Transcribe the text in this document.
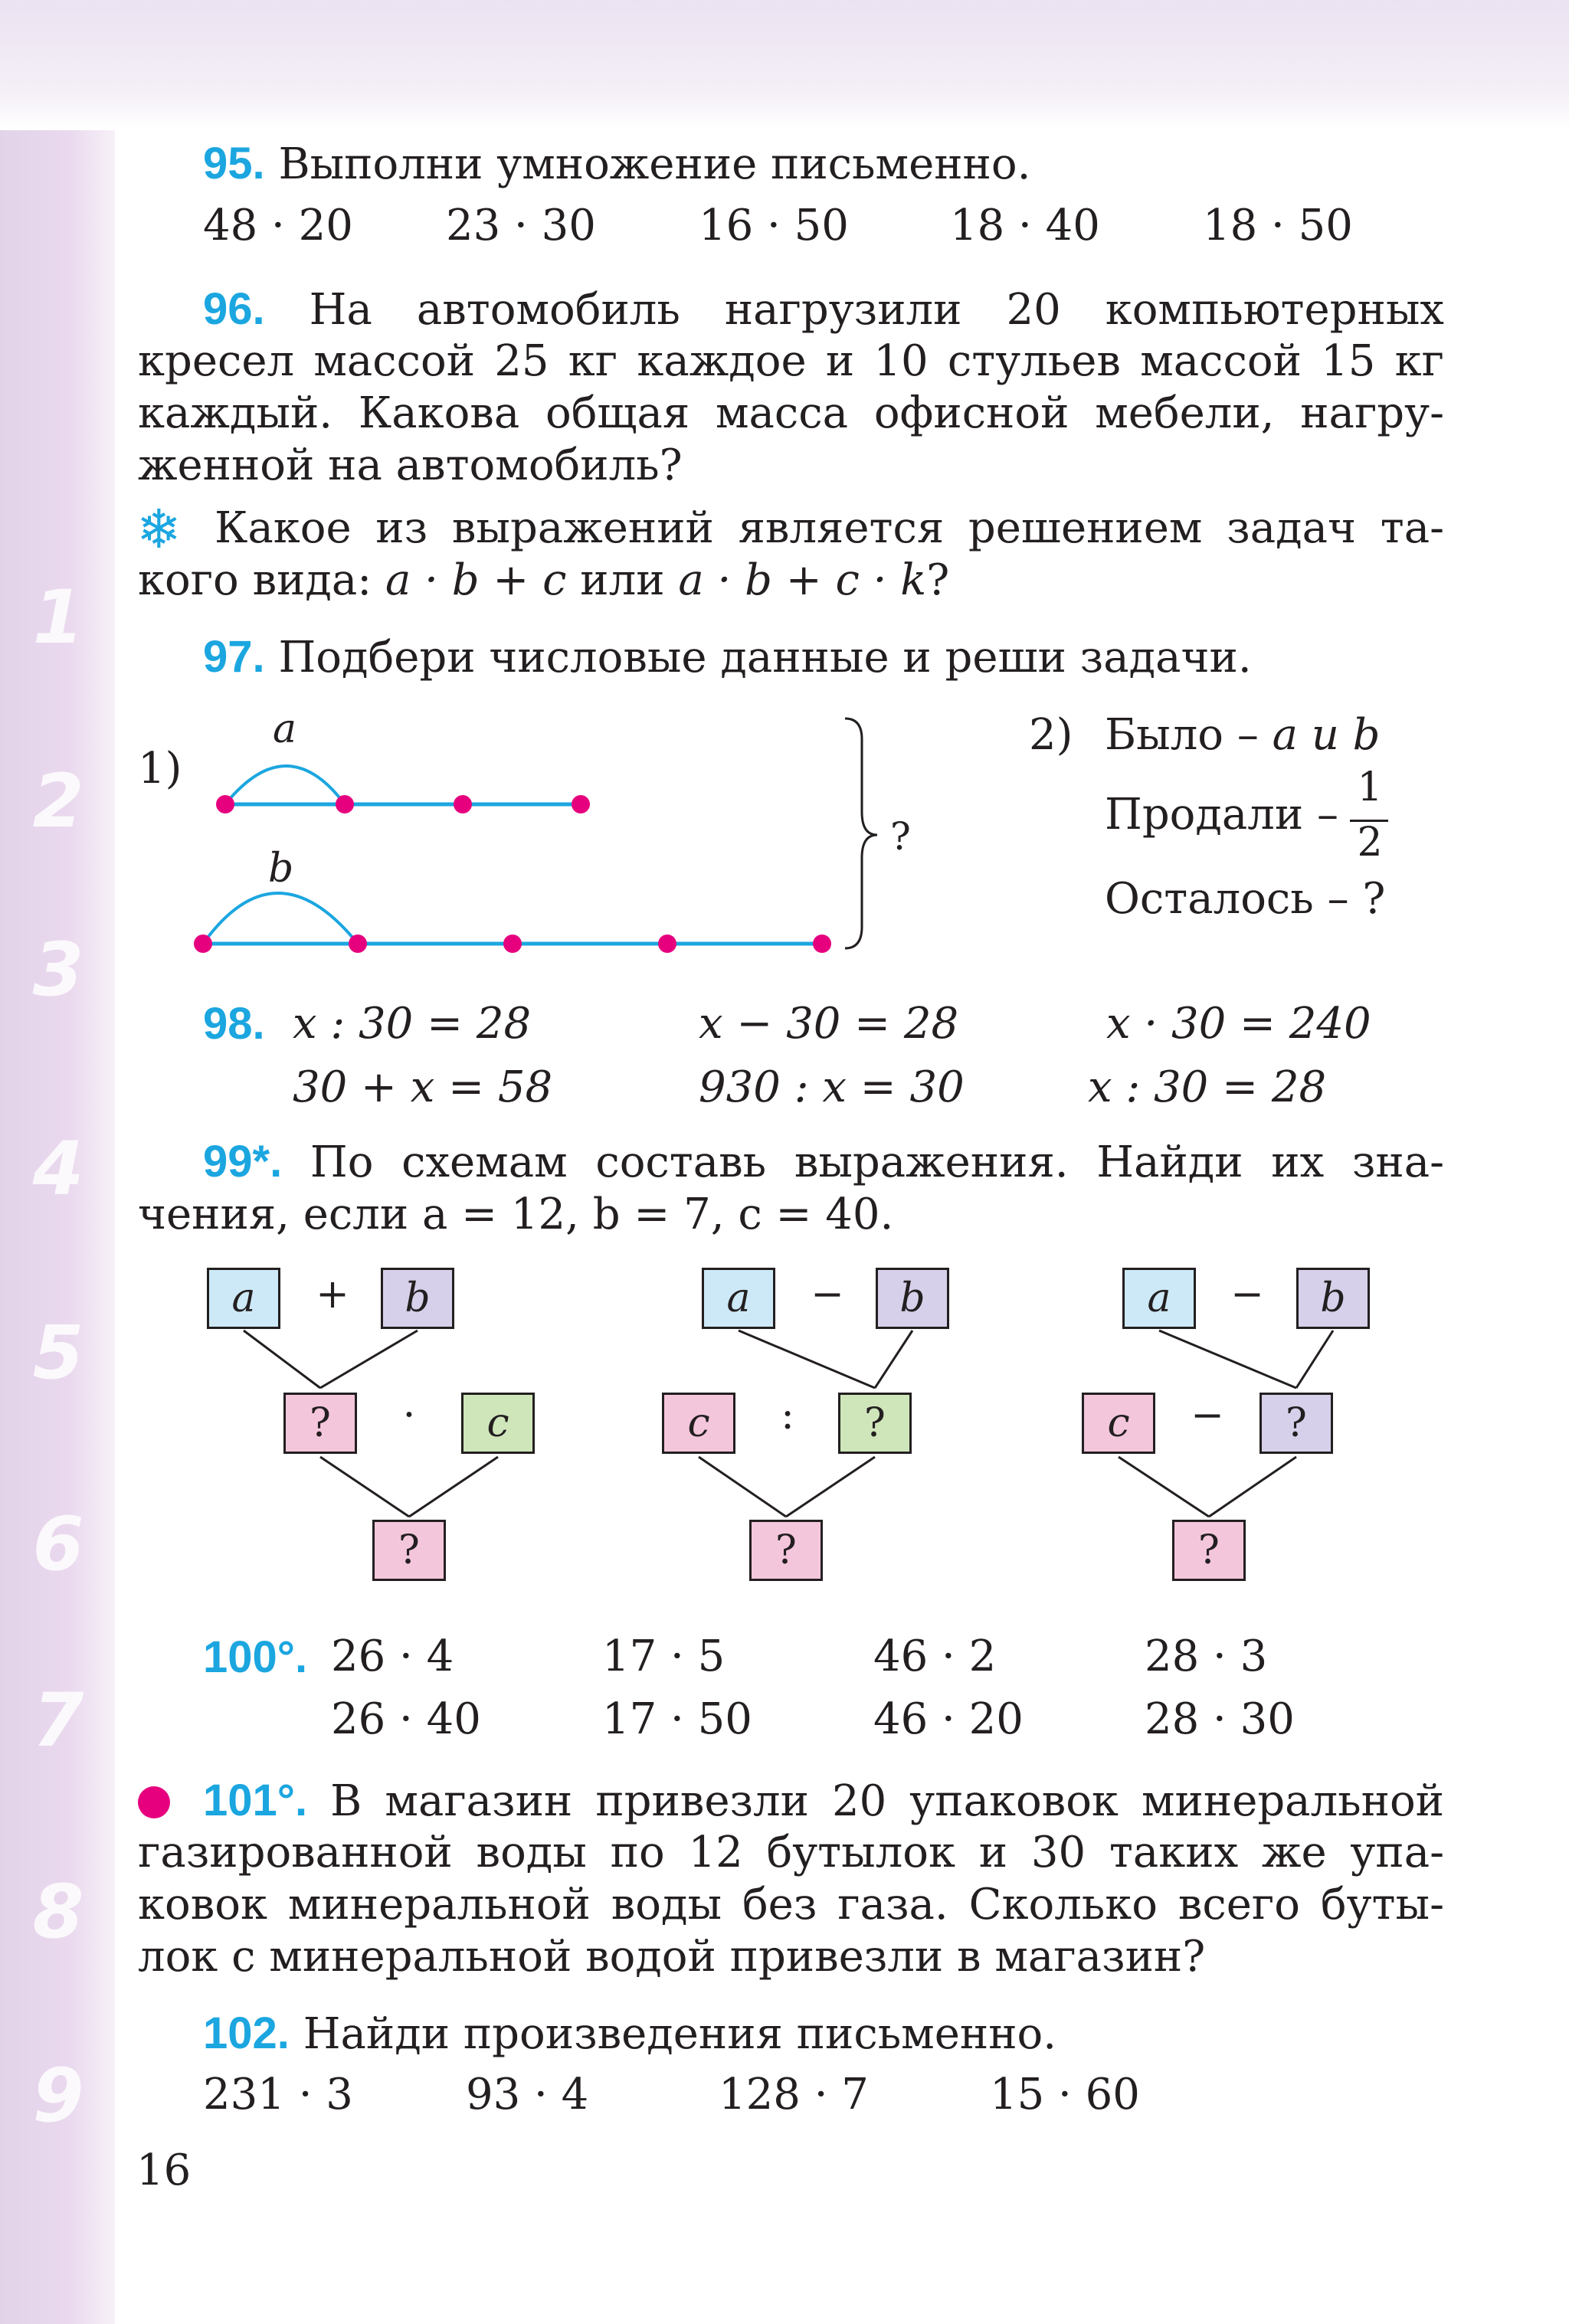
1
2
3
4
5
6
7
8
9
95. Выполни умножение письменно.
48 · 20 23 · 30 16 · 50 18 · 40 18 · 50
96. На автомобиль нагрузили 20 компьютерных
кресел массой 25 кг каждое и 10 стульев массой 15 кг
каждый. Какова общая масса офисной мебели, нагру-
женной на автомобиль?
❄ Какое из выражений является решением задач та-
кого вида: a · b + c или a · b + c · k?
97. Подбери числовые данные и реши задачи.
1)
a
b
?
2) Было – a и b
Продали –
1
2
Осталось – ?
98. x : 30 = 28	x − 30 = 28	x · 30 = 240
30 + x = 58	930 : x = 30	x : 30 = 28
99*. По схемам составь выражения. Найди их зна-
чения, если a = 12, b = 7, c = 40.
a	+	b
?	·	c
?
a	−	b
c	:	?
?
a	−	b
c	−	?
?
100°. 26 · 4	17 · 5	46 · 2	28 · 3
26 · 40	17 · 50	46 · 20	28 · 30
101°. В магазин привезли 20 упаковок минеральной
газированной воды по 12 бутылок и 30 таких же упа-
ковок минеральной воды без газа. Сколько всего буты-
лок с минеральной водой привезли в магазин?
102. Найди произведения письменно.
231 · 3	93 · 4	128 · 7	15 · 60
16
